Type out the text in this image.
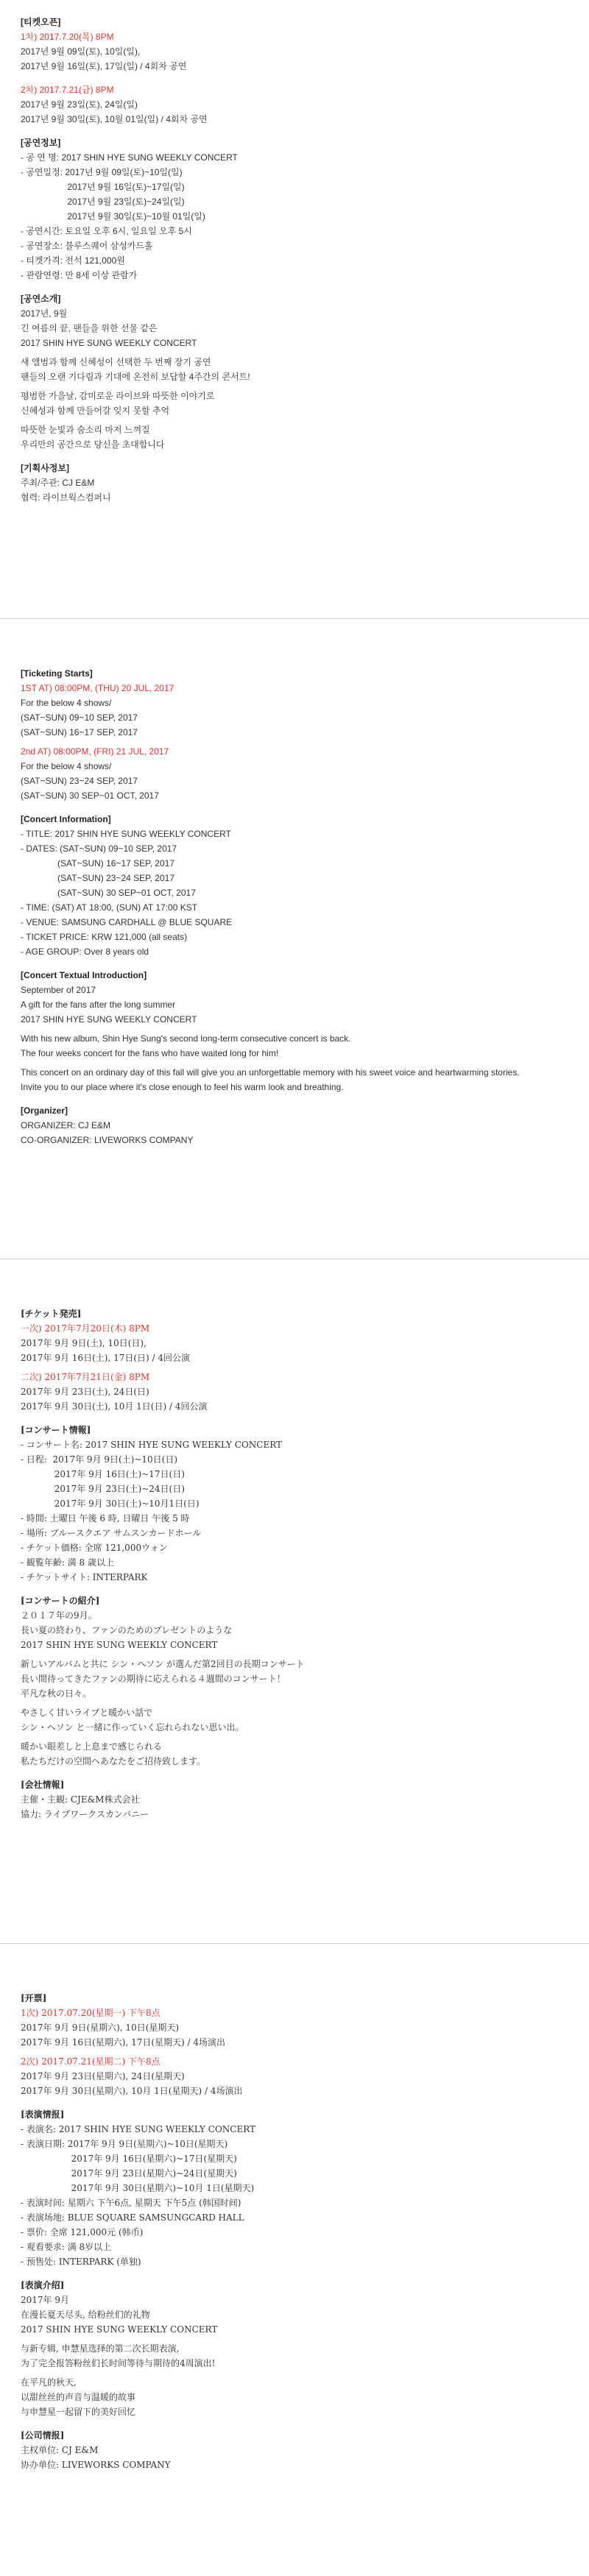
[티켓오픈]
1차) 2017.7.20(목) 8PM
2017년 9월 09일(토), 10일(일),
2017년 9월 16일(토), 17일(일) / 4회차 공연
2차) 2017.7.21(금) 8PM
2017년 9월 23일(토), 24일(일)
2017년 9월 30일(토), 10월 01일(일) / 4회차 공연
[공연정보]
- 공 연 명: 2017 SHIN HYE SUNG WEEKLY CONCERT
- 공연일정: 2017년 9월 09일(토)~10일(일)
2017년 9월 16일(토)~17일(일)
2017년 9월 23일(토)~24일(일)
2017년 9월 30일(토)~10월 01일(일)
- 공연시간: 토요일 오후 6시, 일요일 오후 5시
- 공연장소: 블루스퀘어 삼성카드홀
- 티켓가격: 전석 121,000원
- 관람연령: 만 8세 이상 관람가
[공연소개]
2017년, 9월
긴 여름의 끝, 팬들을 위한 선물 같은
2017 SHIN HYE SUNG WEEKLY CONCERT
새 앨범과 함께 신혜성이 선택한 두 번째 장기 공연
팬들의 오랜 기다림과 기대에 온전히 보답할 4주간의 콘서트!
평범한 가을날, 감미로운 라이브와 따뜻한 이야기로
신혜성과 함께 만들어갈 잊지 못할 추억
따뜻한 눈빛과 숨소리 마저 느껴질
우리만의 공간으로 당신을 초대합니다
[기획사정보]
주최/주관: CJ E&M
협력: 라이브웍스컴퍼니
[Ticketing Starts]
1ST AT) 08:00PM, (THU) 20 JUL, 2017
For the below 4 shows/
(SAT~SUN) 09~10 SEP, 2017
(SAT~SUN) 16~17 SEP, 2017
2nd AT) 08:00PM, (FRI) 21 JUL, 2017
For the below 4 shows/
(SAT~SUN) 23~24 SEP, 2017
(SAT~SUN) 30 SEP~01 OCT, 2017
[Concert Information]
- TITLE: 2017 SHIN HYE SUNG WEEKLY CONCERT
- DATES: (SAT~SUN) 09~10 SEP, 2017
(SAT~SUN) 16~17 SEP, 2017
(SAT~SUN) 23~24 SEP, 2017
(SAT~SUN) 30 SEP~01 OCT, 2017
- TIME: (SAT) AT 18:00, (SUN) AT 17:00 KST
- VENUE: SAMSUNG CARDHALL @ BLUE SQUARE
- TICKET PRICE: KRW 121,000 (all seats)
- AGE GROUP: Over 8 years old
[Concert Textual Introduction]
September of 2017
A gift for the fans after the long summer
2017 SHIN HYE SUNG WEEKLY CONCERT
With his new album, Shin Hye Sung's second long-term consecutive concert is back.
The four weeks concert for the fans who have waited long for him!
This concert on an ordinary day of this fall will give you an unforgettable memory with his sweet voice and heartwarming stories.
Invite you to our place where it's close enough to feel his warm look and breathing.
[Organizer]
ORGANIZER: CJ E&M
CO-ORGANIZER: LIVEWORKS COMPANY
[チケット発売]
一次) 2017年7月20日(木) 8PM
2017年 9月 9日(土), 10日(日),
2017年 9月 16日(土), 17日(日) / 4回公演
二次) 2017年7月21日(金) 8PM
2017年 9月 23日(土), 24日(日)
2017年 9月 30日(土), 10月 1日(日) / 4回公演
[コンサート情報]
- コンサート名: 2017 SHIN HYE SUNG WEEKLY CONCERT
- 日程:  2017年 9月 9日(土)~10日(日)
2017年 9月 16日(土)~17日(日)
2017年 9月 23日(土)~24日(日)
2017年 9月 30日(土)~10月1日(日)
- 時間: 土曜日 午後 6 時, 日曜日 午後 5 時
- 場所: ブルースクエア サムスンカードホール
- チケット価格: 全席 121,000ウォン
- 観覧年齢: 満 8 歳以上
- チケットサイト: INTERPARK
[コンサートの紹介]
２０１７年の9月。
長い夏の終わり、ファンのためのプレゼントのような
2017 SHIN HYE SUNG WEEKLY CONCERT
新しいアルバムと共に シン・ヘソン が選んだ第2回目の長期コンサート
長い間待ってきたファンの期待に応えられる４週間のコンサート！
平凡な秋の日々。
やさしく甘いライブと暖かい話で
シン・ヘソン と一緒に作っていく忘れられない思い出。
暖かい眼差しと上息まで感じられる
私たちだけの空間へあなたをご招待致します。
[会社情報]
主催・主観: CJE&M株式会社
協力: ライブワークスカンパニー
[开票]
1次) 2017.07.20(星期一) 下午8点
2017年 9月 9日(星期六), 10日(星期天)
2017年 9月 16日(星期六), 17日(星期天) / 4场演出
2次) 2017.07.21(星期二) 下午8点
2017年 9月 23日(星期六), 24日(星期天)
2017年 9月 30日(星期六), 10月 1日(星期天) / 4场演出
[表演情报]
- 表演名: 2017 SHIN HYE SUNG WEEKLY CONCERT
- 表演日期: 2017年 9月 9日(星期六)~10日(星期天)
2017年 9月 16日(星期六)~17日(星期天)
2017年 9月 23日(星期六)~24日(星期天)
2017年 9月 30日(星期六)~10月 1日(星期天)
- 表演时间: 星期六 下午6点, 星期天 下午5点 (韩国时间)
- 表演场地: BLUE SQUARE SAMSUNGCARD HALL
- 票价: 全席 121,000元 (韩币)
- 观看要求: 满 8岁以上
- 预售处: INTERPARK (单独)
[表演介绍]
2017年 9月
在漫长夏天尽头, 给粉丝们的礼物
2017 SHIN HYE SUNG WEEKLY CONCERT
与新专辑, 申慧星选择的第二次长期表演,
为了完全报答粉丝们长时间等待与期待的4周演出!
在平凡的秋天,
以甜丝丝的声音与温暖的故事
与申慧星一起留下的美好回忆
[公司情报]
主权单位: CJ E&M
协办单位: LIVEWORKS COMPANY
